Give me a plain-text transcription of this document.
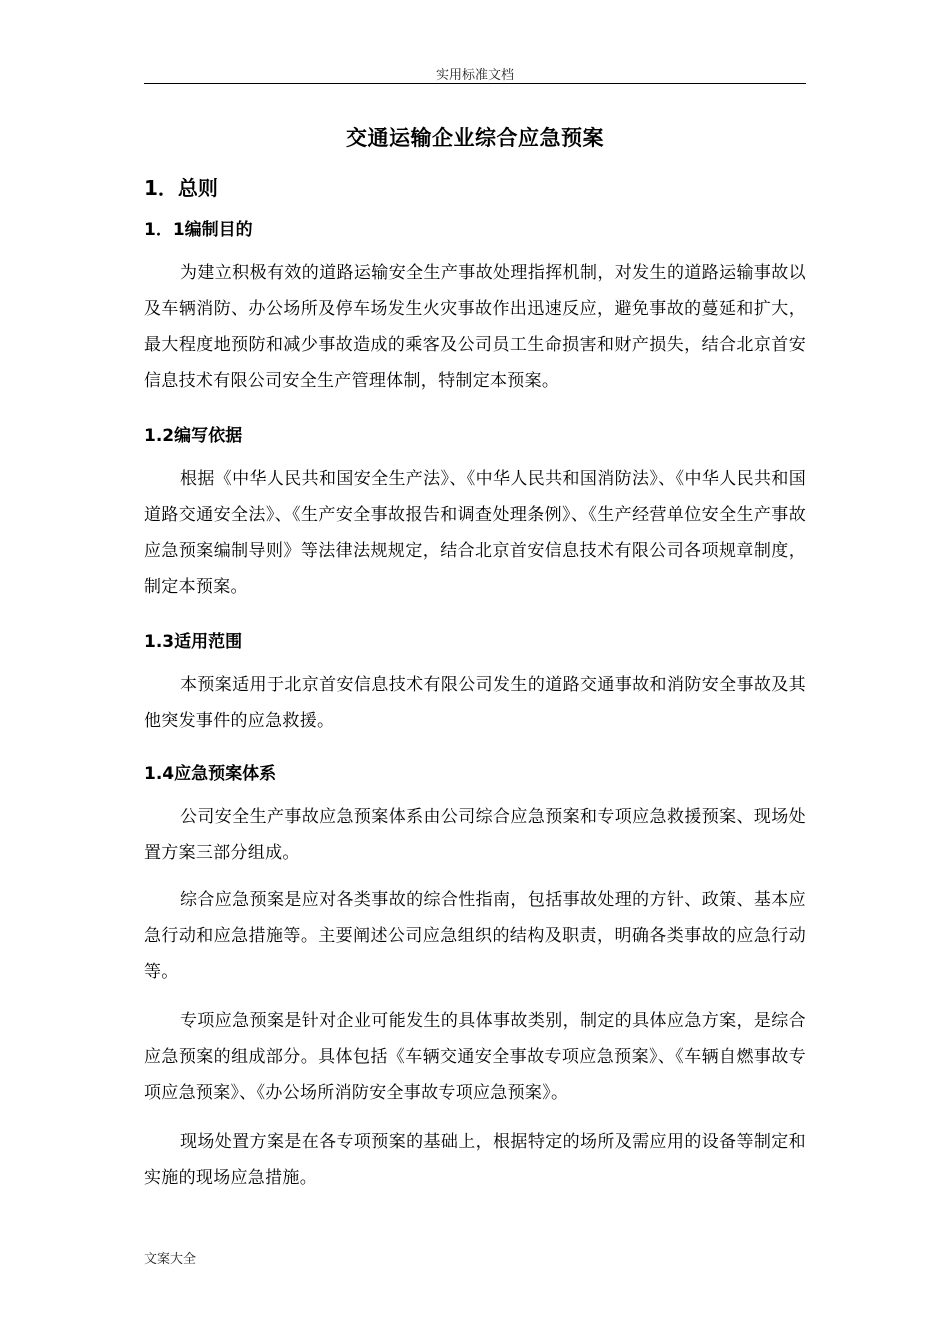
实用标准文档
交通运输企业综合应急预案
1．总则
1．1编制目的
为建立积极有效的道路运输安全生产事故处理指挥机制，对发生的道路运输事故以及车辆消防、办公场所及停车场发生火灾事故作出迅速反应，避免事故的蔓延和扩大，最大程度地预防和减少事故造成的乘客及公司员工生命损害和财产损失，结合北京首安信息技术有限公司安全生产管理体制，特制定本预案。
1.2编写依据
根据《中华人民共和国安全生产法》、《中华人民共和国消防法》、《中华人民共和国道路交通安全法》、《生产安全事故报告和调查处理条例》、《生产经营单位安全生产事故应急预案编制导则》等法律法规规定，结合北京首安信息技术有限公司各项规章制度，制定本预案。
1.3适用范围
本预案适用于北京首安信息技术有限公司发生的道路交通事故和消防安全事故及其他突发事件的应急救援。
1.4应急预案体系
公司安全生产事故应急预案体系由公司综合应急预案和专项应急救援预案、现场处置方案三部分组成。
综合应急预案是应对各类事故的综合性指南，包括事故处理的方针、政策、基本应急行动和应急措施等。主要阐述公司应急组织的结构及职责，明确各类事故的应急行动等。
专项应急预案是针对企业可能发生的具体事故类别，制定的具体应急方案，是综合应急预案的组成部分。具体包括《车辆交通安全事故专项应急预案》、《车辆自燃事故专项应急预案》、《办公场所消防安全事故专项应急预案》。
现场处置方案是在各专项预案的基础上，根据特定的场所及需应用的设备等制定和实施的现场应急措施。
文案大全
